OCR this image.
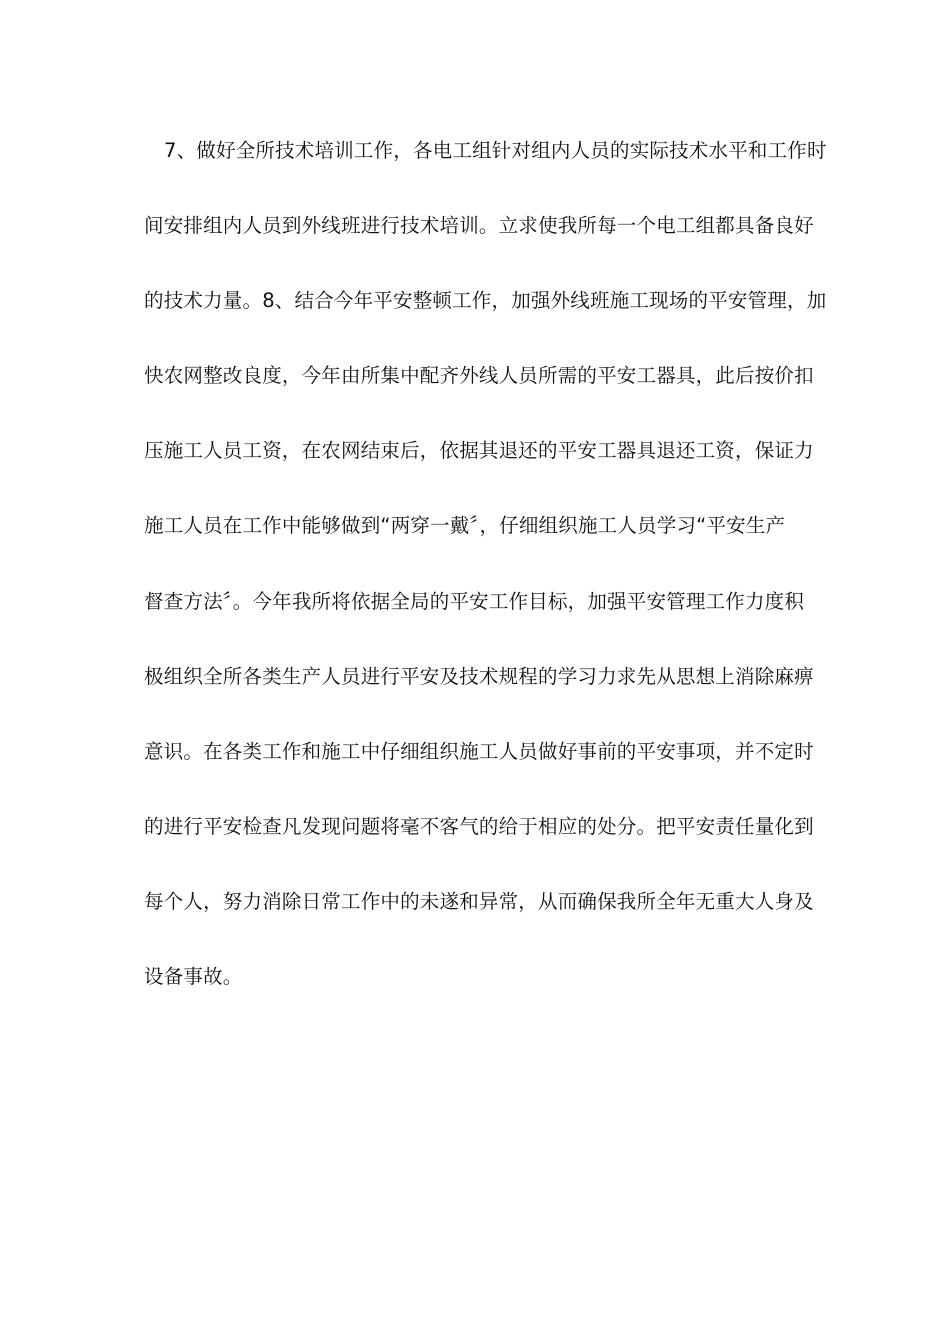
7、做好全所技术培训工作，各电工组针对组内人员的实际技术水平和工作时
间安排组内人员到外线班进行技术培训。立求使我所每一个电工组都具备良好
的技术力量。8、结合今年平安整顿工作，加强外线班施工现场的平安管理，加
快农网整改良度，今年由所集中配齐外线人员所需的平安工器具，此后按价扣
压施工人员工资，在农网结束后，依据其退还的平安工器具退还工资，保证力
施工人员在工作中能够做到“两穿一戴〞，仔细组织施工人员学习“平安生产
督查方法〞。今年我所将依据全局的平安工作目标，加强平安管理工作力度积
极组织全所各类生产人员进行平安及技术规程的学习力求先从思想上消除麻痹
意识。在各类工作和施工中仔细组织施工人员做好事前的平安事项，并不定时
的进行平安检查凡发现问题将毫不客气的给于相应的处分。把平安责任量化到
每个人，努力消除日常工作中的未遂和异常，从而确保我所全年无重大人身及
设备事故。
